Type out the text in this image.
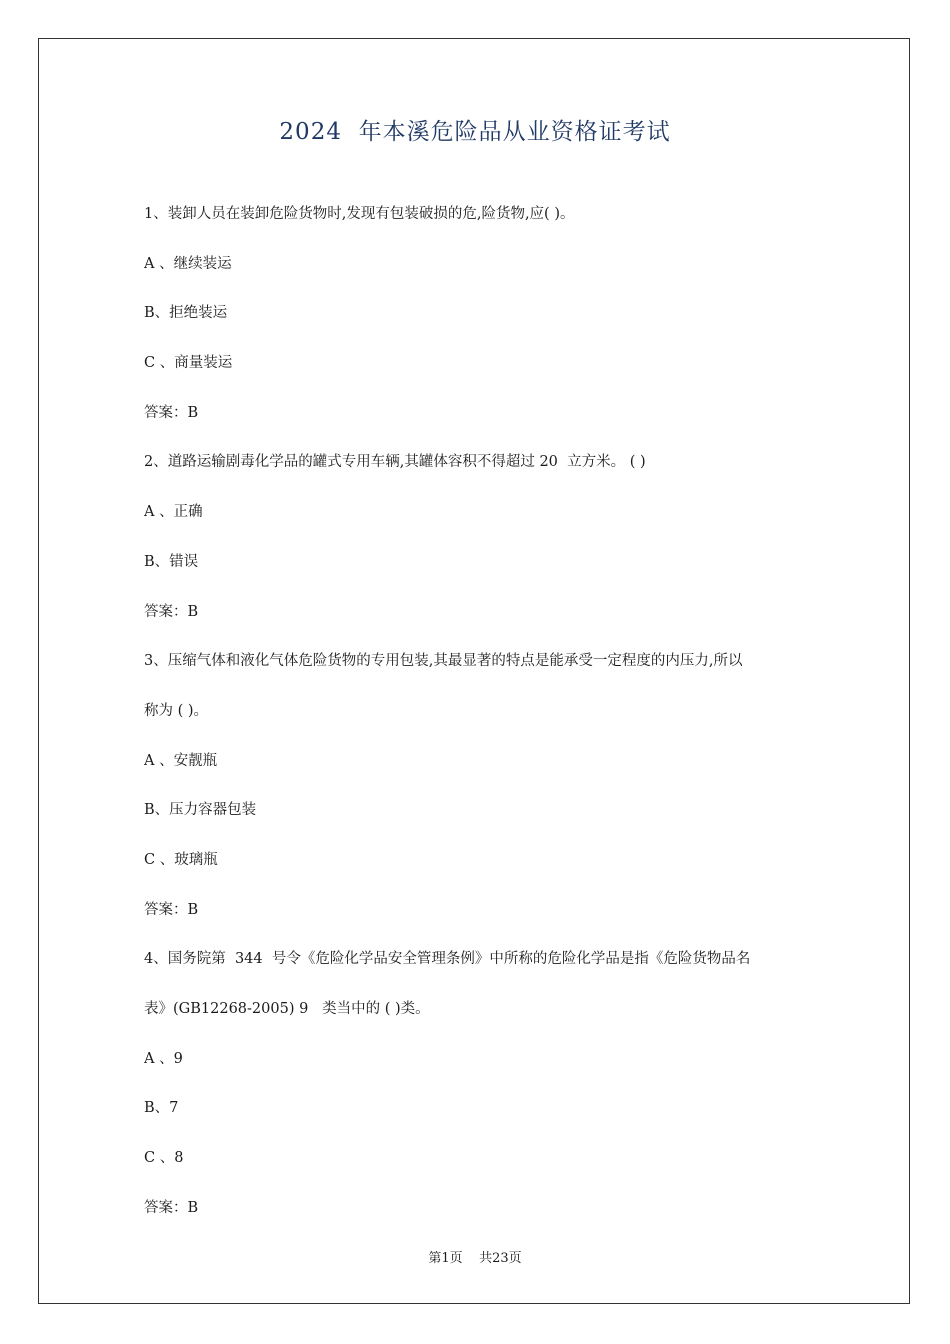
2024  年本溪危险品从业资格证考试
1、装卸人员在装卸危险货物时,发现有包装破损的危,险货物,应( )。
A 、继续装运
B、拒绝装运
C 、商量装运
答案：B
2、道路运输剧毒化学品的罐式专用车辆,其罐体容积不得超过 20  立方米。 ( )
A 、正确
B、错误
答案：B
3、压缩气体和液化气体危险货物的专用包装,其最显著的特点是能承受一定程度的内压力,所以
称为 ( )。
A 、安靓瓶
B、压力容器包装
C 、玻璃瓶
答案：B
4、国务院第  344  号令《危险化学品安全管理条例》中所称的危险化学品是指《危险货物品名
表》(GB12268-2005) 9   类当中的 ( )类。
A 、9
B、7
C 、8
答案：B
第1页    共23页
